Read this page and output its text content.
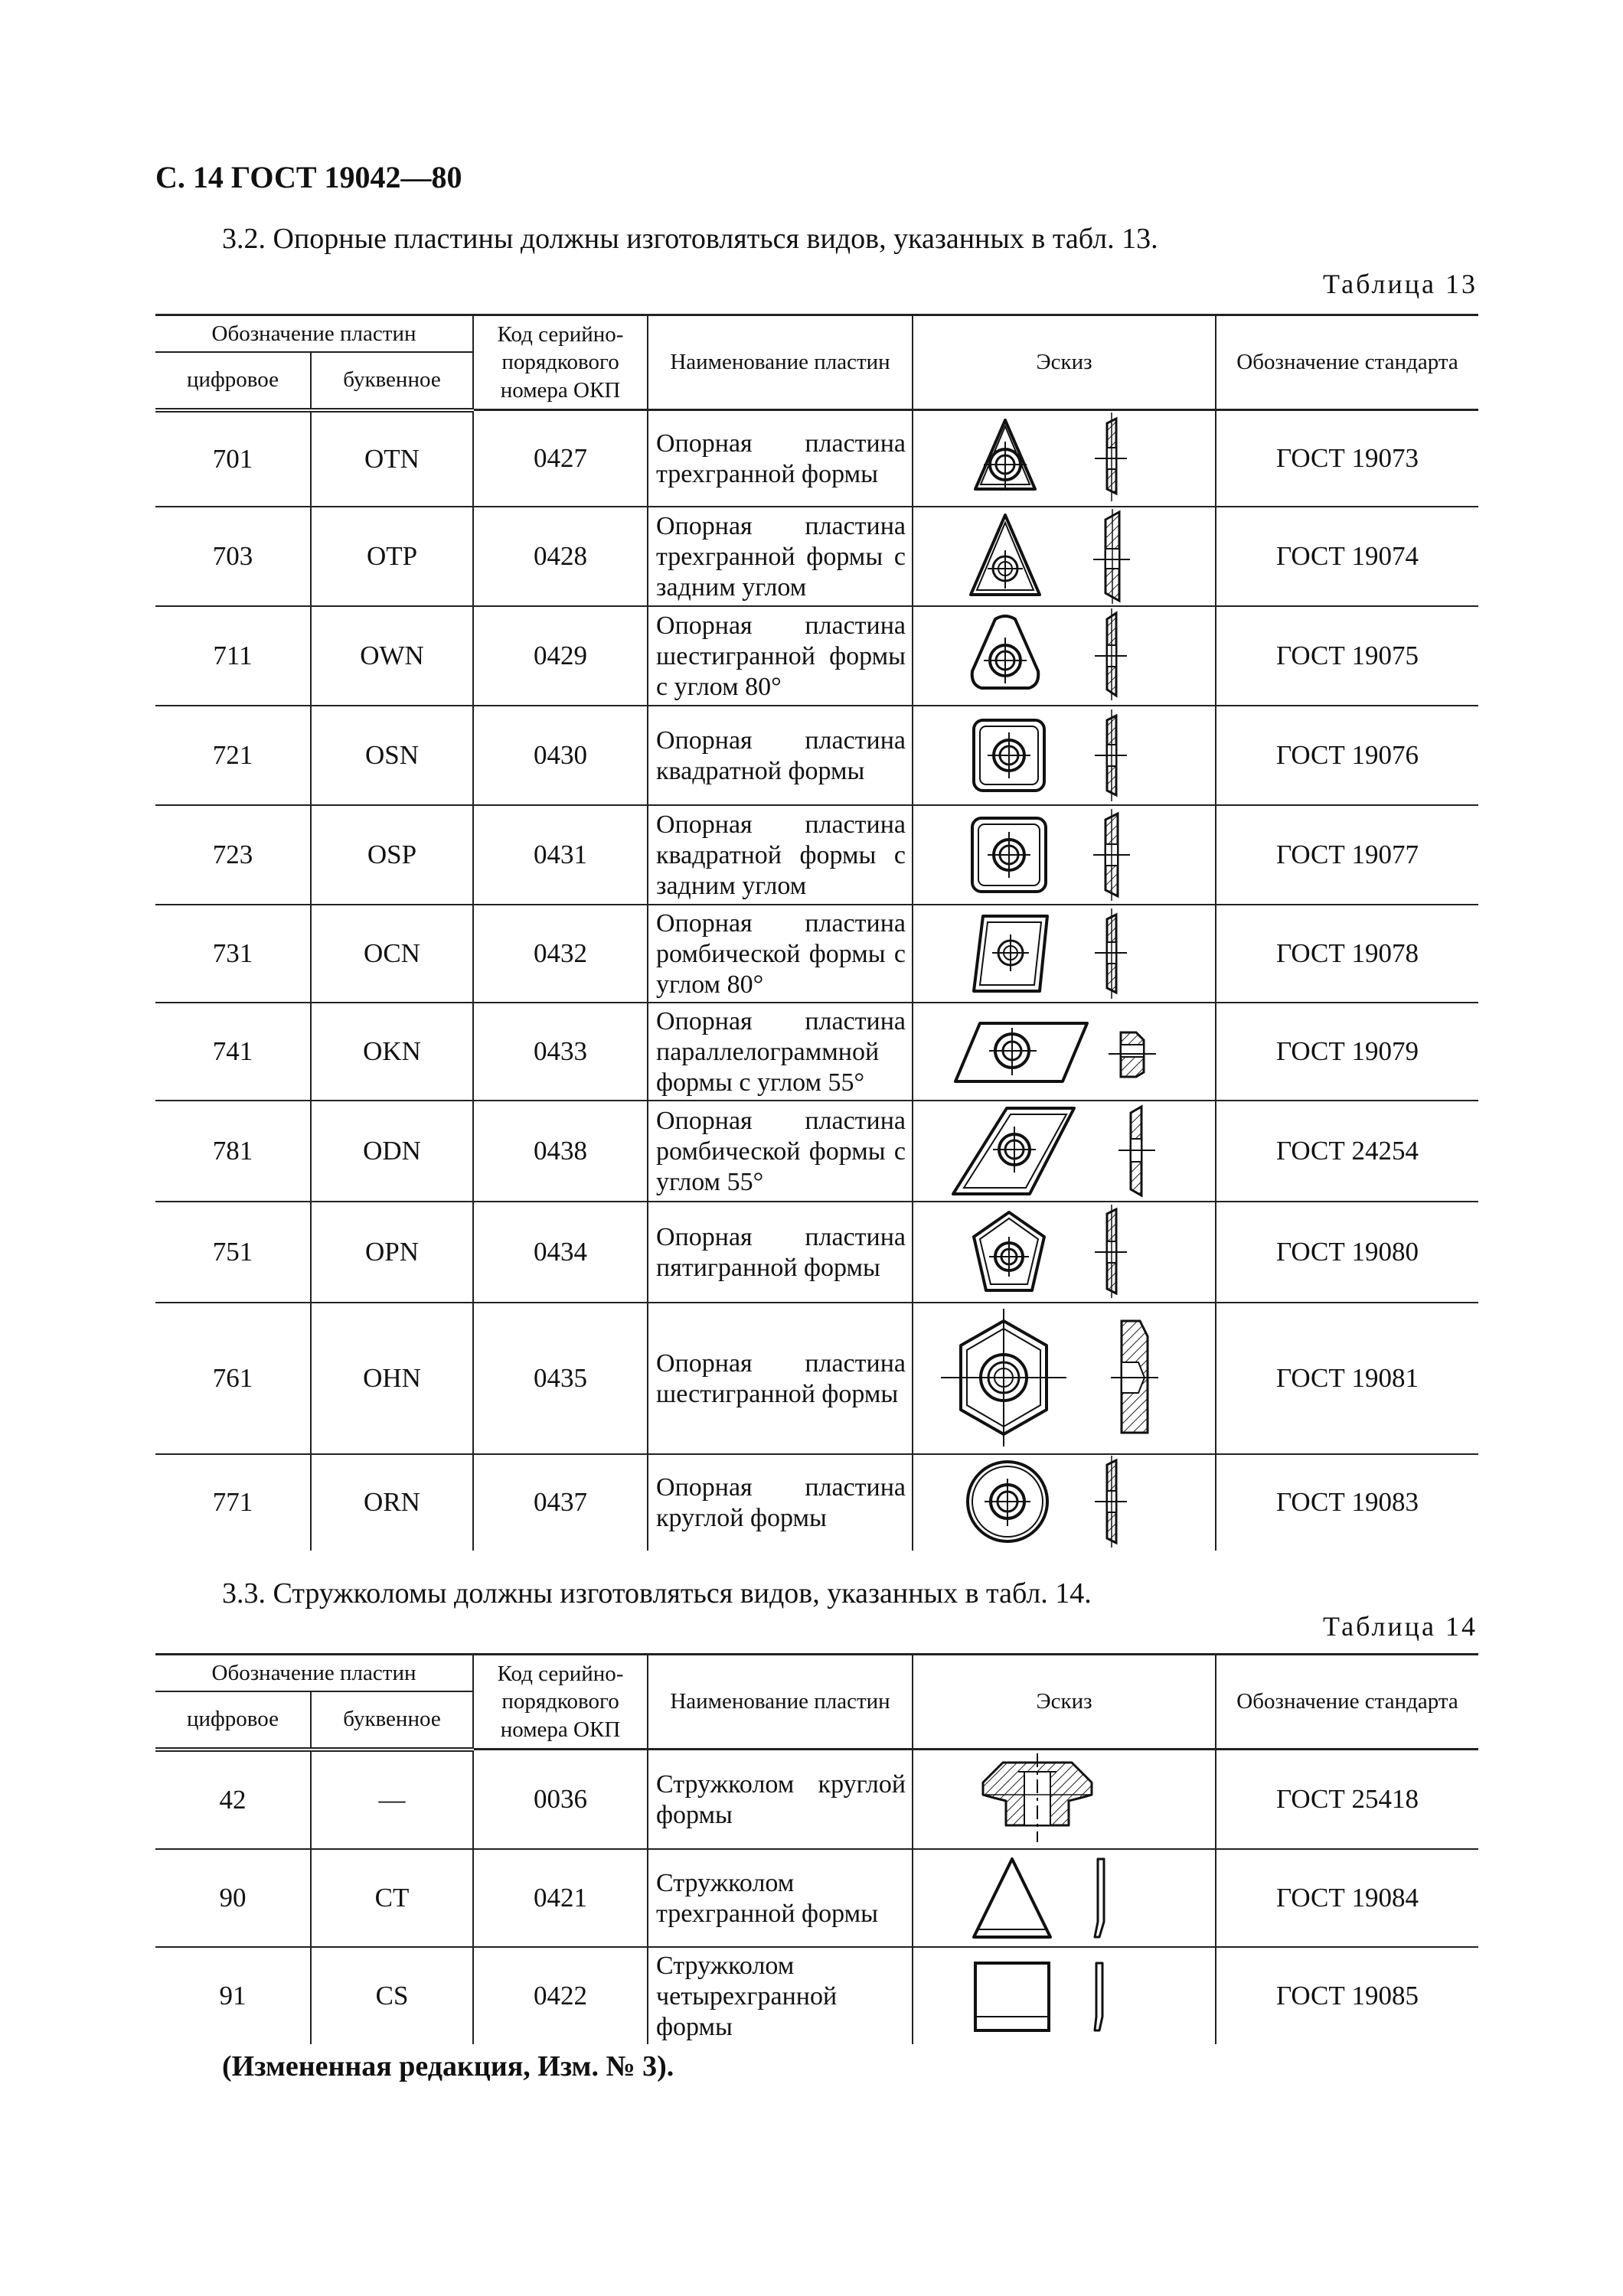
С. 14 ГОСТ 19042—80
3.2. Опорные пластины должны изготовляться видов, указанных в табл. 13.
Таблица 13
Обозначение пластин		Код серийно-порядкового номера ОКП	Наименование пластин	Эскиз	Обозначение стандарта
цифровое	буквенное				
701	OTN	0427	Опорная пластина трехгранной формы		ГОСТ 19073
703	OTP	0428	Опорная пластина трехгранной формы с задним углом		ГОСТ 19074
711	OWN	0429	Опорная пластина шестигранной формы с углом 80°		ГОСТ 19075
721	OSN	0430	Опорная пластина квадратной формы		ГОСТ 19076
723	OSP	0431	Опорная пластина квадратной формы с задним углом		ГОСТ 19077
731	OCN	0432	Опорная пластина ромбической формы с углом 80°		ГОСТ 19078
741	OKN	0433	Опорная пластина параллелограммной формы с углом 55°		ГОСТ 19079
781	ODN	0438	Опорная пластина ромбической формы с углом 55°		ГОСТ 24254
751	OPN	0434	Опорная пластина пятигранной формы		ГОСТ 19080
761	OHN	0435	Опорная пластина шестигранной формы		ГОСТ 19081
771	ORN	0437	Опорная пластина круглой формы		ГОСТ 19083
3.3. Стружколомы должны изготовляться видов, указанных в табл. 14.
Таблица 14
Обозначение пластин		Код серийно-порядкового номера ОКП	Наименование пластин	Эскиз	Обозначение стандарта
цифровое	буквенное				
42	—	0036	Стружколом круглой формы		ГОСТ 25418
90	CT	0421	Стружколом трехгранной формы		ГОСТ 19084
91	CS	0422	Стружколом четырехгранной формы		ГОСТ 19085
(Измененная редакция, Изм. № 3).
